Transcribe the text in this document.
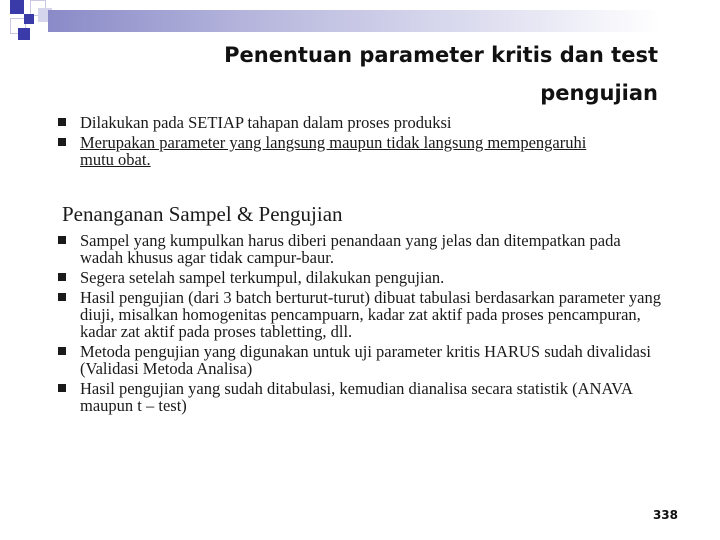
Penentuan parameter kritis dan test
pengujian
Dilakukan pada SETIAP tahapan dalam proses produksi
Merupakan parameter yang langsung maupun tidak langsung mempengaruhi mutu obat.
Penanganan Sampel & Pengujian
Sampel yang kumpulkan harus diberi penandaan yang jelas dan ditempatkan pada wadah khusus agar tidak campur-baur.
Segera setelah sampel terkumpul, dilakukan pengujian.
Hasil pengujian (dari 3 batch berturut-turut) dibuat tabulasi berdasarkan parameter yang diuji, misalkan homogenitas pencampuarn, kadar zat aktif pada proses pencampuran, kadar zat aktif pada proses tabletting, dll.
Metoda pengujian yang digunakan untuk uji parameter kritis HARUS sudah divalidasi (Validasi Metoda Analisa)
Hasil pengujian yang sudah ditabulasi, kemudian dianalisa secara statistik (ANAVA maupun t – test)
338
